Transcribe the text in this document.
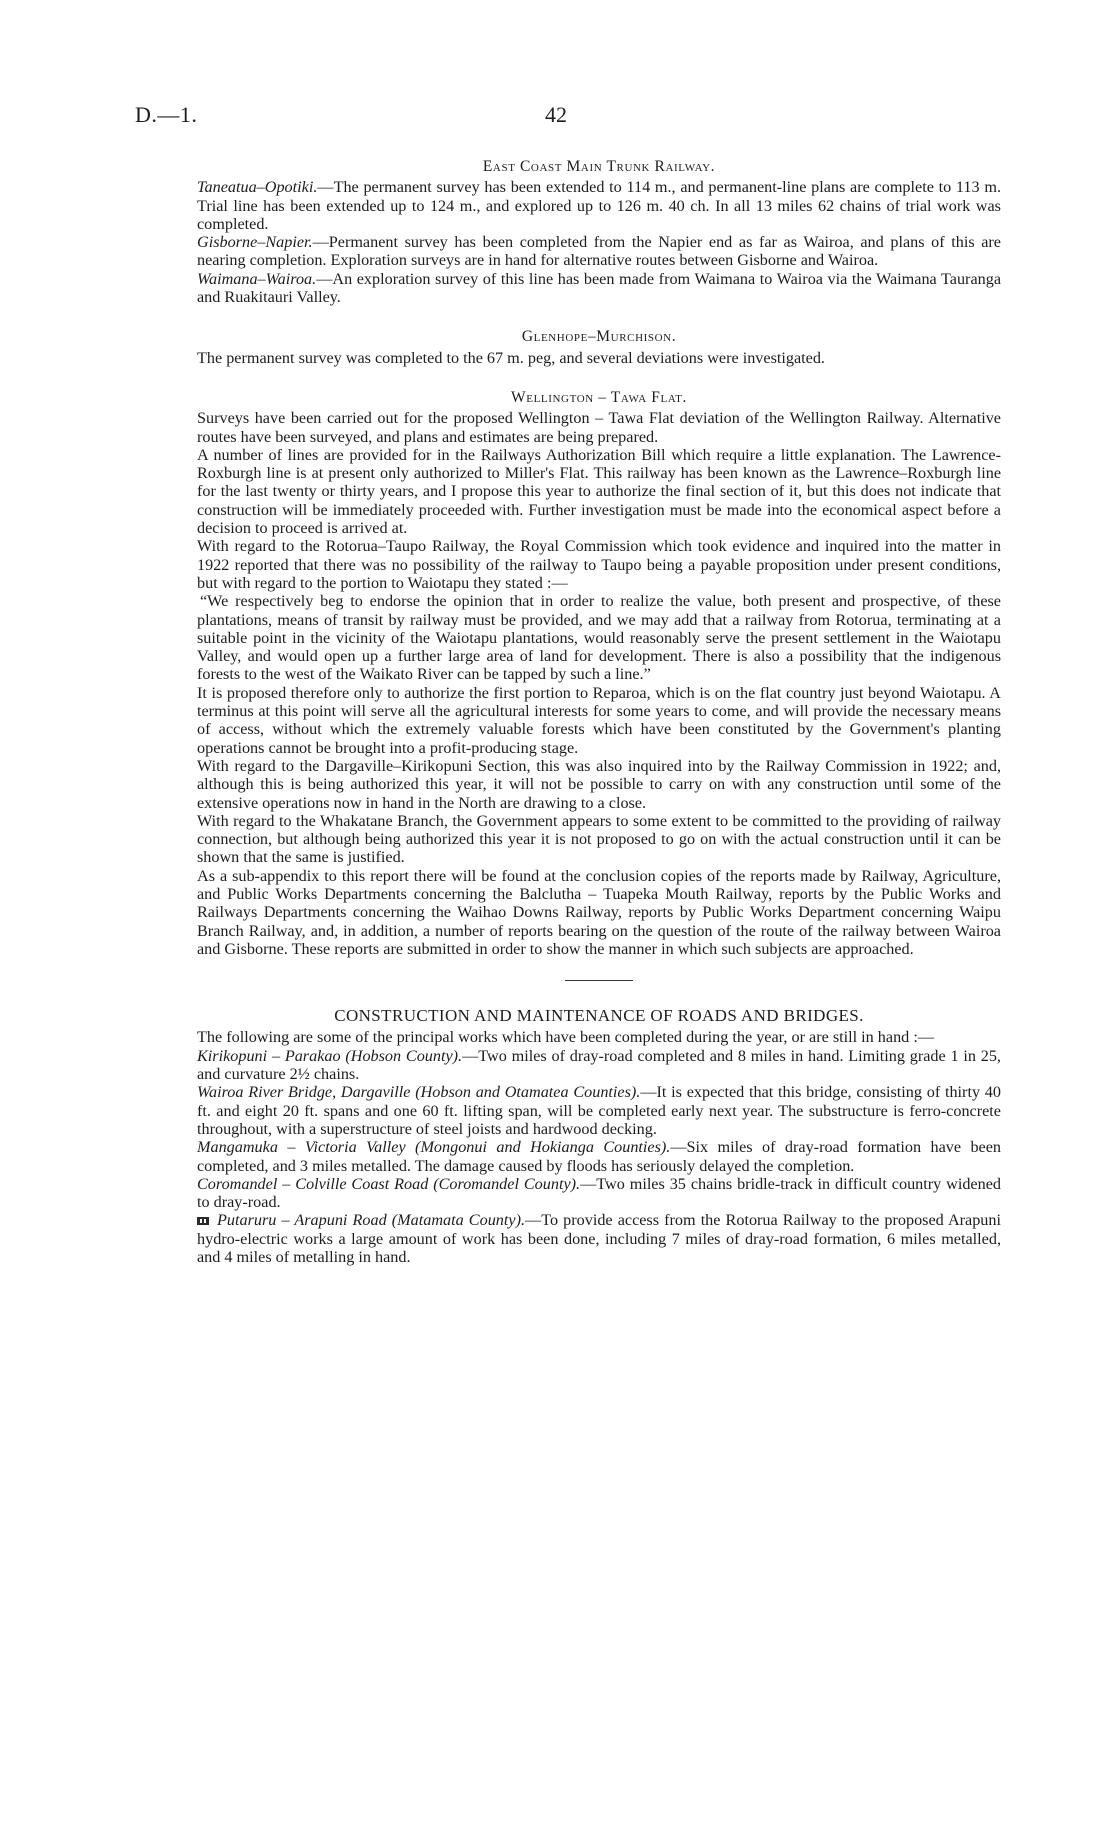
D.—1.	42
East Coast Main Trunk Railway.

Taneatua–Opotiki.—The permanent survey has been extended to 114 m., and permanent-line plans are complete to 113 m. Trial line has been extended up to 124 m., and explored up to 126 m. 40 ch. In all 13 miles 62 chains of trial work was completed.

Gisborne–Napier.—Permanent survey has been completed from the Napier end as far as Wairoa, and plans of this are nearing completion. Exploration surveys are in hand for alternative routes between Gisborne and Wairoa.

Waimana–Wairoa.—An exploration survey of this line has been made from Waimana to Wairoa via the Waimana Tauranga and Ruakitauri Valley.

Glenhope–Murchison.

The permanent survey was completed to the 67 m. peg, and several deviations were investigated.

Wellington – Tawa Flat.

Surveys have been carried out for the proposed Wellington – Tawa Flat deviation of the Wellington Railway. Alternative routes have been surveyed, and plans and estimates are being prepared.

A number of lines are provided for in the Railways Authorization Bill which require a little explanation. The Lawrence-Roxburgh line is at present only authorized to Miller's Flat. This railway has been known as the Lawrence–Roxburgh line for the last twenty or thirty years, and I propose this year to authorize the final section of it, but this does not indicate that construction will be immediately proceeded with. Further investigation must be made into the economical aspect before a decision to proceed is arrived at.

With regard to the Rotorua–Taupo Railway, the Royal Commission which took evidence and inquired into the matter in 1922 reported that there was no possibility of the railway to Taupo being a payable proposition under present conditions, but with regard to the portion to Waiotapu they stated :—

“We respectively beg to endorse the opinion that in order to realize the value, both present and prospective, of these plantations, means of transit by railway must be provided, and we may add that a railway from Rotorua, terminating at a suitable point in the vicinity of the Waiotapu plantations, would reasonably serve the present settlement in the Waiotapu Valley, and would open up a further large area of land for development. There is also a possibility that the indigenous forests to the west of the Waikato River can be tapped by such a line.”

It is proposed therefore only to authorize the first portion to Reparoa, which is on the flat country just beyond Waiotapu. A terminus at this point will serve all the agricultural interests for some years to come, and will provide the necessary means of access, without which the extremely valuable forests which have been constituted by the Government's planting operations cannot be brought into a profit-producing stage.

With regard to the Dargaville–Kirikopuni Section, this was also inquired into by the Railway Commission in 1922; and, although this is being authorized this year, it will not be possible to carry on with any construction until some of the extensive operations now in hand in the North are drawing to a close.

With regard to the Whakatane Branch, the Government appears to some extent to be committed to the providing of railway connection, but although being authorized this year it is not proposed to go on with the actual construction until it can be shown that the same is justified.

As a sub-appendix to this report there will be found at the conclusion copies of the reports made by Railway, Agriculture, and Public Works Departments concerning the Balclutha – Tuapeka Mouth Railway, reports by the Public Works and Railways Departments concerning the Waihao Downs Railway, reports by Public Works Department concerning Waipu Branch Railway, and, in addition, a number of reports bearing on the question of the route of the railway between Wairoa and Gisborne. These reports are submitted in order to show the manner in which such subjects are approached.

CONSTRUCTION AND MAINTENANCE OF ROADS AND BRIDGES.

The following are some of the principal works which have been completed during the year, or are still in hand :—

Kirikopuni – Parakao (Hobson County).—Two miles of dray-road completed and 8 miles in hand. Limiting grade 1 in 25, and curvature 2½ chains.

Wairoa River Bridge, Dargaville (Hobson and Otamatea Counties).—It is expected that this bridge, consisting of thirty 40 ft. and eight 20 ft. spans and one 60 ft. lifting span, will be completed early next year. The substructure is ferro-concrete throughout, with a superstructure of steel joists and hardwood decking.

Mangamuka – Victoria Valley (Mongonui and Hokianga Counties).—Six miles of dray-road formation have been completed, and 3 miles metalled. The damage caused by floods has seriously delayed the completion.

Coromandel – Colville Coast Road (Coromandel County).—Two miles 35 chains bridle-track in difficult country widened to dray-road.

Putaruru – Arapuni Road (Matamata County).—To provide access from the Rotorua Railway to the proposed Arapuni hydro-electric works a large amount of work has been done, including 7 miles of dray-road formation, 6 miles metalled, and 4 miles of metalling in hand.
